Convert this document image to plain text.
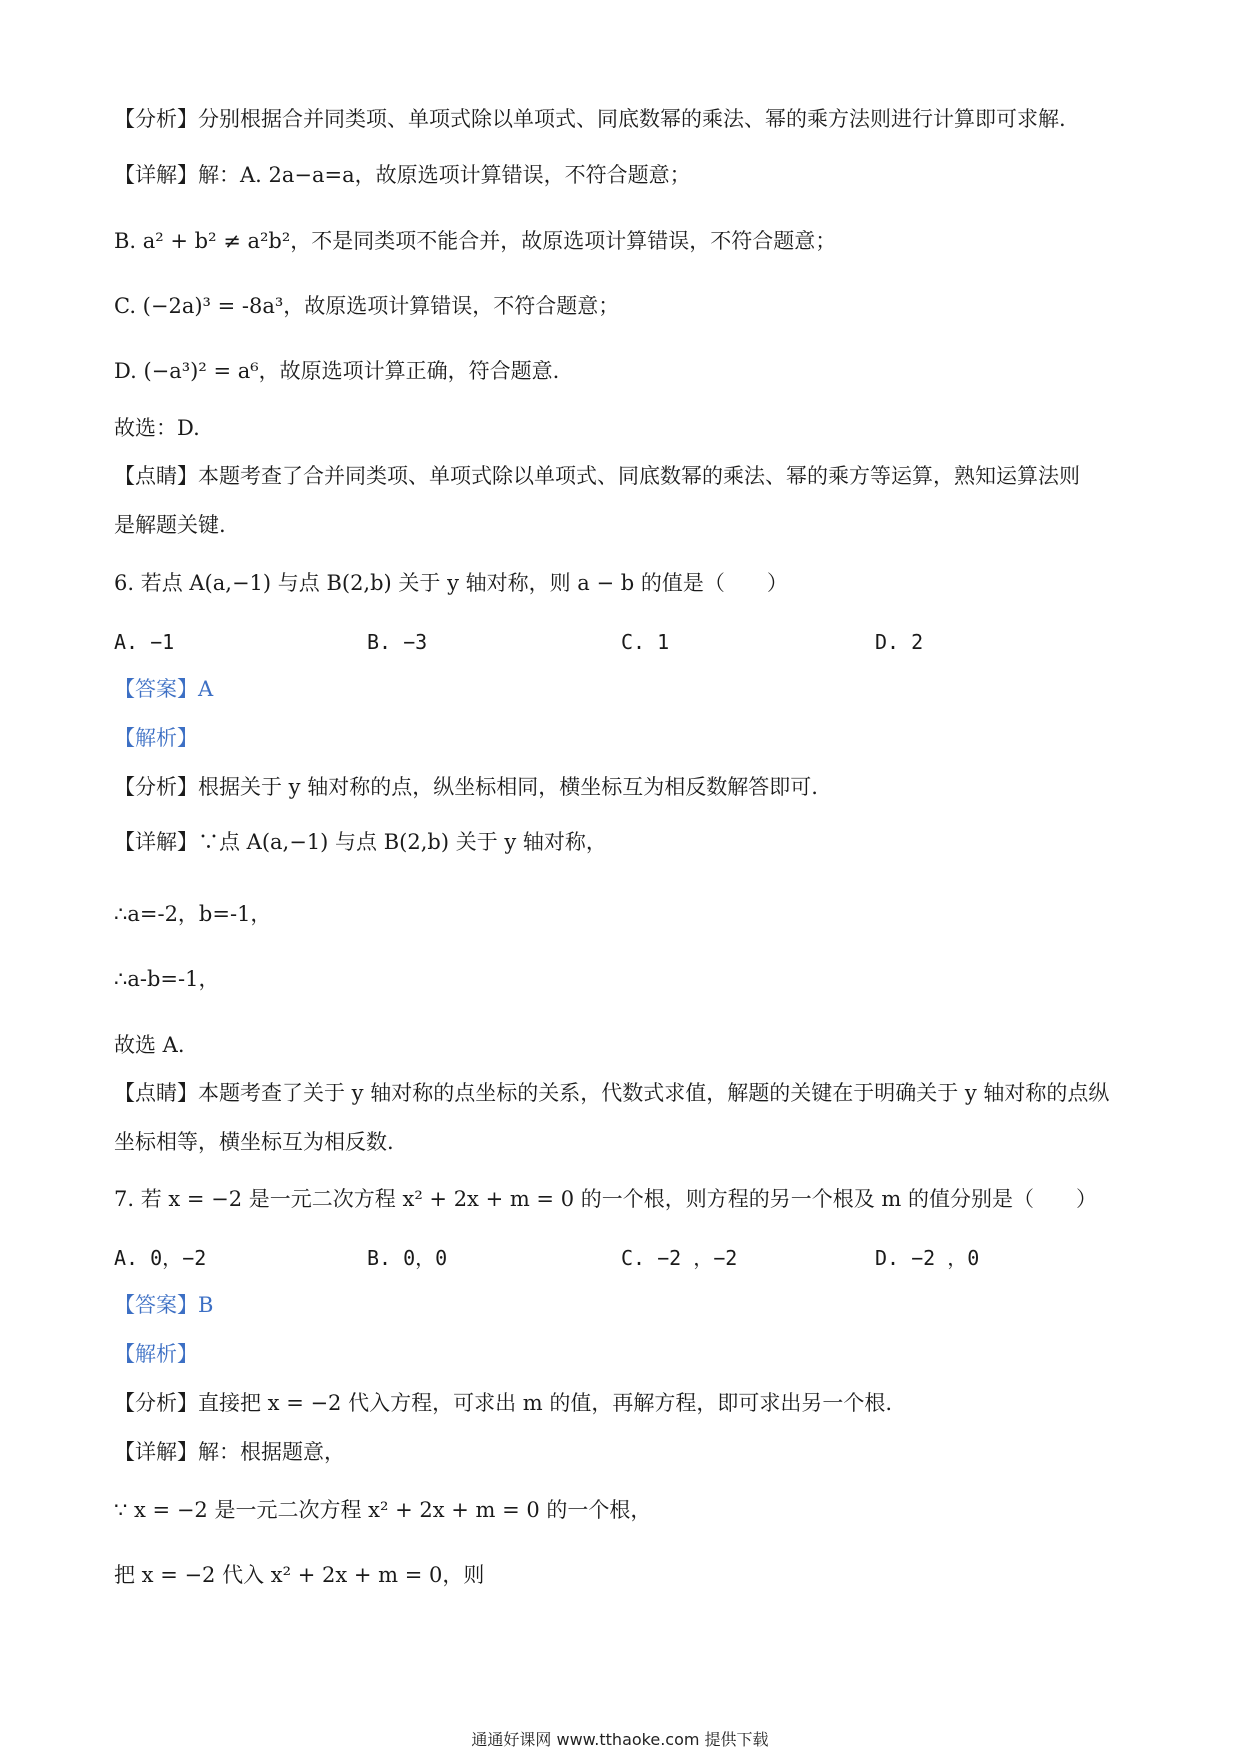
【分析】分别根据合并同类项、单项式除以单项式、同底数幂的乘法、幂的乘方法则进行计算即可求解.
【详解】解：A. 2a−a=a，故原选项计算错误，不符合题意；
B. a² + b² ≠ a²b²，不是同类项不能合并，故原选项计算错误，不符合题意；
C. (−2a)³ = -8a³，故原选项计算错误，不符合题意；
D. (−a³)² = a⁶，故原选项计算正确，符合题意.
故选：D.
【点睛】本题考查了合并同类项、单项式除以单项式、同底数幂的乘法、幂的乘方等运算，熟知运算法则
是解题关键.
6. 若点 A(a,−1) 与点 B(2,b) 关于 y 轴对称，则 a − b 的值是（　　）
A. −1	B. −3	C. 1	D. 2
【答案】A
【解析】
【分析】根据关于 y 轴对称的点，纵坐标相同，横坐标互为相反数解答即可.
【详解】∵点 A(a,−1) 与点 B(2,b) 关于 y 轴对称，
∴a=-2，b=-1，
∴a-b=-1，
故选 A.
【点睛】本题考查了关于 y 轴对称的点坐标的关系，代数式求值，解题的关键在于明确关于 y 轴对称的点纵
坐标相等，横坐标互为相反数.
7. 若 x = −2 是一元二次方程 x² + 2x + m = 0 的一个根，则方程的另一个根及 m 的值分别是（　　）
A. 0，−2	B. 0，0	C. −2 ，−2	D. −2 ，0
【答案】B
【解析】
【分析】直接把 x = −2 代入方程，可求出 m 的值，再解方程，即可求出另一个根.
【详解】解：根据题意，
∵ x = −2 是一元二次方程 x² + 2x + m = 0 的一个根，
把 x = −2 代入 x² + 2x + m = 0，则
通通好课网 www.tthaoke.com 提供下载
